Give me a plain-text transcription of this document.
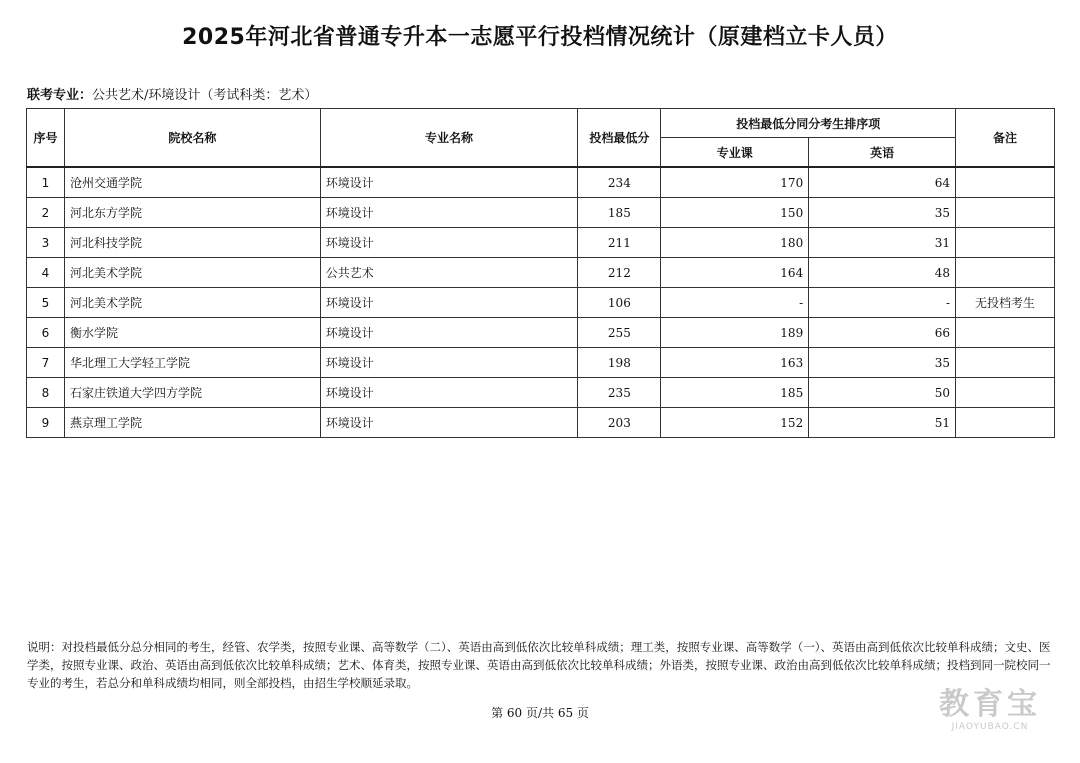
2025年河北省普通专升本一志愿平行投档情况统计（原建档立卡人员）
联考专业：公共艺术/环境设计（考试科类：艺术）
序号	院校名称	专业名称	投档最低分	投档最低分同分考生排序项		备注
				专业课	英语	
1	沧州交通学院	环境设计	234	170	64	
2	河北东方学院	环境设计	185	150	35	
3	河北科技学院	环境设计	211	180	31	
4	河北美术学院	公共艺术	212	164	48	
5	河北美术学院	环境设计	106	-	-	无投档考生
6	衡水学院	环境设计	255	189	66	
7	华北理工大学轻工学院	环境设计	198	163	35	
8	石家庄铁道大学四方学院	环境设计	235	185	50	
9	燕京理工学院	环境设计	203	152	51	
说明：对投档最低分总分相同的考生，经管、农学类，按照专业课、高等数学（二）、英语由高到低依次比较单科成绩；理工类，按照专业课、高等数学（一）、英语由高到低依次比较单科成绩；文史、医学类，按照专业课、政治、英语由高到低依次比较单科成绩；艺术、体育类，按照专业课、英语由高到低依次比较单科成绩；外语类，按照专业课、政治由高到低依次比较单科成绩；投档到同一院校同一专业的考生，若总分和单科成绩均相同，则全部投档，由招生学校顺延录取。
第 60 页/共 65 页	教育宝
JIAOYUBAO.CN
